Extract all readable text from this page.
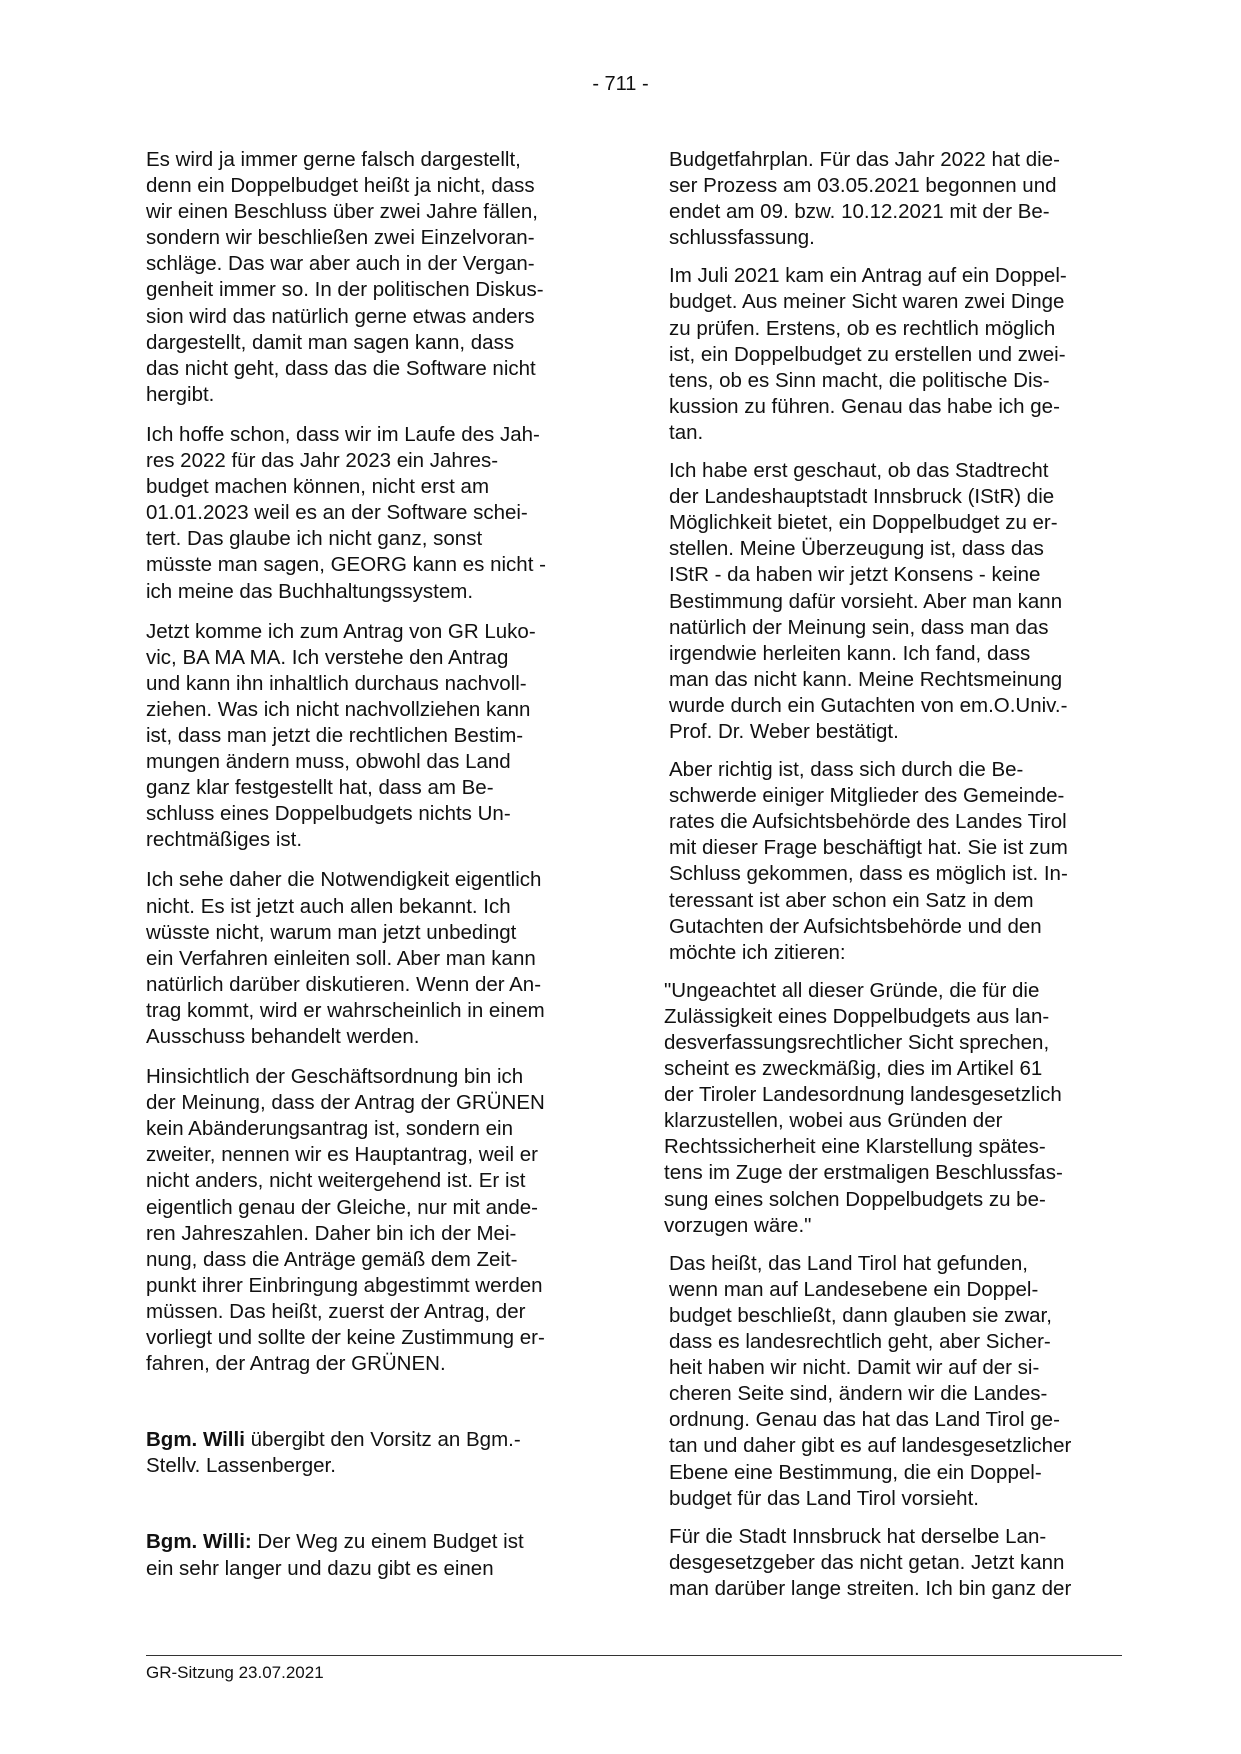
- 711 -

Es wird ja immer gerne falsch dargestellt,
denn ein Doppelbudget heißt ja nicht, dass
wir einen Beschluss über zwei Jahre fällen,
sondern wir beschließen zwei Einzelvoran-
schläge. Das war aber auch in der Vergan-
genheit immer so. In der politischen Diskus-
sion wird das natürlich gerne etwas anders
dargestellt, damit man sagen kann, dass
das nicht geht, dass das die Software nicht
hergibt.

Ich hoffe schon, dass wir im Laufe des Jah-
res 2022 für das Jahr 2023 ein Jahres-
budget machen können, nicht erst am
01.01.2023 weil es an der Software schei-
tert. Das glaube ich nicht ganz, sonst
müsste man sagen, GEORG kann es nicht -
ich meine das Buchhaltungssystem.

Jetzt komme ich zum Antrag von GR Luko-
vic, BA MA MA. Ich verstehe den Antrag
und kann ihn inhaltlich durchaus nachvoll-
ziehen. Was ich nicht nachvollziehen kann
ist, dass man jetzt die rechtlichen Bestim-
mungen ändern muss, obwohl das Land
ganz klar festgestellt hat, dass am Be-
schluss eines Doppelbudgets nichts Un-
rechtmäßiges ist.

Ich sehe daher die Notwendigkeit eigentlich
nicht. Es ist jetzt auch allen bekannt. Ich
wüsste nicht, warum man jetzt unbedingt
ein Verfahren einleiten soll. Aber man kann
natürlich darüber diskutieren. Wenn der An-
trag kommt, wird er wahrscheinlich in einem
Ausschuss behandelt werden.

Hinsichtlich der Geschäftsordnung bin ich
der Meinung, dass der Antrag der GRÜNEN
kein Abänderungsantrag ist, sondern ein
zweiter, nennen wir es Hauptantrag, weil er
nicht anders, nicht weitergehend ist. Er ist
eigentlich genau der Gleiche, nur mit ande-
ren Jahreszahlen. Daher bin ich der Mei-
nung, dass die Anträge gemäß dem Zeit-
punkt ihrer Einbringung abgestimmt werden
müssen. Das heißt, zuerst der Antrag, der
vorliegt und sollte der keine Zustimmung er-
fahren, der Antrag der GRÜNEN.

Bgm. Willi übergibt den Vorsitz an Bgm.-
Stellv. Lassenberger.

Bgm. Willi: Der Weg zu einem Budget ist
ein sehr langer und dazu gibt es einen

Budgetfahrplan. Für das Jahr 2022 hat die-
ser Prozess am 03.05.2021 begonnen und
endet am 09. bzw. 10.12.2021 mit der Be-
schlussfassung.

Im Juli 2021 kam ein Antrag auf ein Doppel-
budget. Aus meiner Sicht waren zwei Dinge
zu prüfen. Erstens, ob es rechtlich möglich
ist, ein Doppelbudget zu erstellen und zwei-
tens, ob es Sinn macht, die politische Dis-
kussion zu führen. Genau das habe ich ge-
tan.

Ich habe erst geschaut, ob das Stadtrecht
der Landeshauptstadt Innsbruck (IStR) die
Möglichkeit bietet, ein Doppelbudget zu er-
stellen. Meine Überzeugung ist, dass das
IStR - da haben wir jetzt Konsens - keine
Bestimmung dafür vorsieht. Aber man kann
natürlich der Meinung sein, dass man das
irgendwie herleiten kann. Ich fand, dass
man das nicht kann. Meine Rechtsmeinung
wurde durch ein Gutachten von em.O.Univ.-
Prof. Dr. Weber bestätigt.

Aber richtig ist, dass sich durch die Be-
schwerde einiger Mitglieder des Gemeinde-
rates die Aufsichtsbehörde des Landes Tirol
mit dieser Frage beschäftigt hat. Sie ist zum
Schluss gekommen, dass es möglich ist. In-
teressant ist aber schon ein Satz in dem
Gutachten der Aufsichtsbehörde und den
möchte ich zitieren:

"Ungeachtet all dieser Gründe, die für die
Zulässigkeit eines Doppelbudgets aus lan-
desverfassungsrechtlicher Sicht sprechen,
scheint es zweckmäßig, dies im Artikel 61
der Tiroler Landesordnung landesgesetzlich
klarzustellen, wobei aus Gründen der
Rechtssicherheit eine Klarstellung spätes-
tens im Zuge der erstmaligen Beschlussfas-
sung eines solchen Doppelbudgets zu be-
vorzugen wäre."

Das heißt, das Land Tirol hat gefunden,
wenn man auf Landesebene ein Doppel-
budget beschließt, dann glauben sie zwar,
dass es landesrechtlich geht, aber Sicher-
heit haben wir nicht. Damit wir auf der si-
cheren Seite sind, ändern wir die Landes-
ordnung. Genau das hat das Land Tirol ge-
tan und daher gibt es auf landesgesetzlicher
Ebene eine Bestimmung, die ein Doppel-
budget für das Land Tirol vorsieht.

Für die Stadt Innsbruck hat derselbe Lan-
desgesetzgeber das nicht getan. Jetzt kann
man darüber lange streiten. Ich bin ganz der

GR-Sitzung 23.07.2021
